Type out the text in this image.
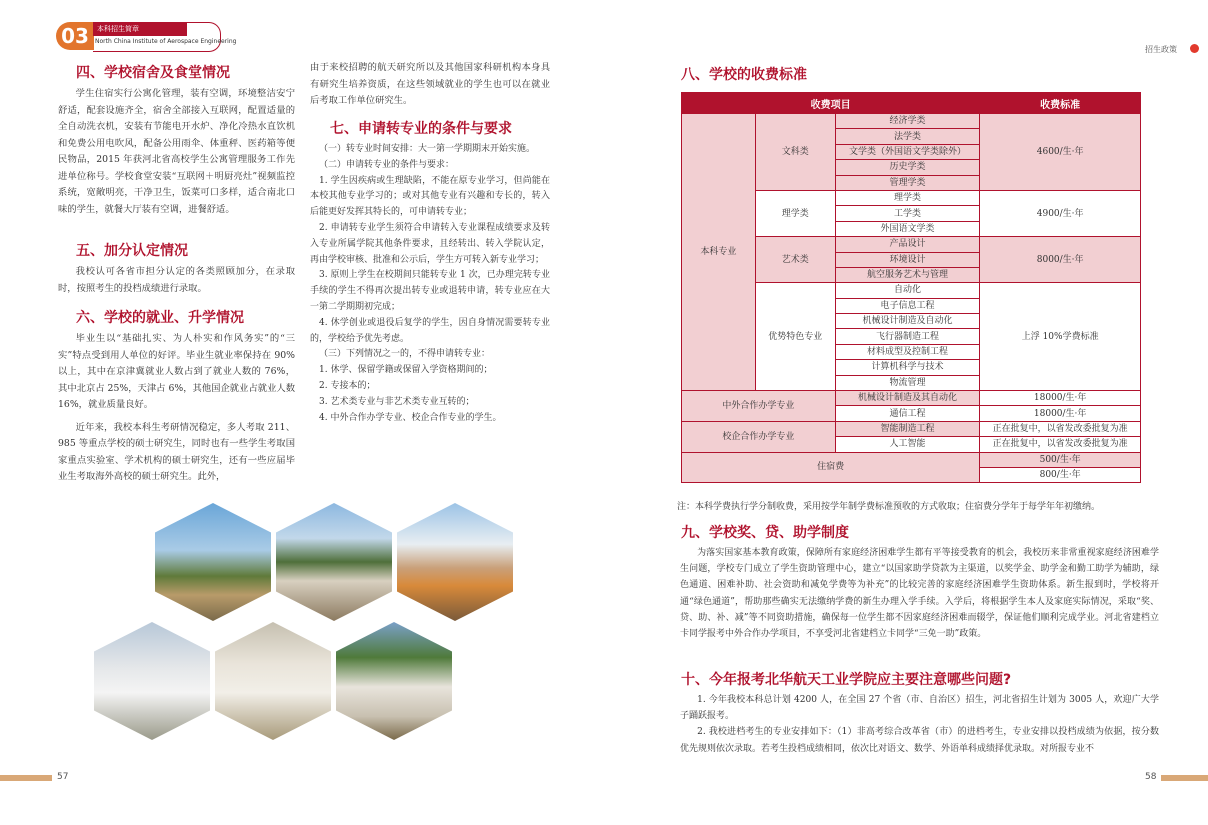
03	本科招生简章
North China Institute of Aerospace Engineering
四、学校宿舍及食堂情况

学生住宿实行公寓化管理，装有空调，环境整洁安宁舒适，配套设施齐全，宿舍全部接入互联网，配置适量的全自动洗衣机，安装有节能电开水炉、净化冷热水直饮机和免费公用电吹风，配备公用雨伞、体重秤、医药箱等便民物品，2015 年获河北省高校学生公寓管理服务工作先进单位称号。学校食堂安装“互联网＋明厨亮灶”视频监控系统，宽敞明亮，干净卫生，饭菜可口多样，适合南北口味的学生，就餐大厅装有空调，进餐舒适。

五、加分认定情况

我校认可各省市担分认定的各类照顾加分，在录取时，按照考生的投档成绩进行录取。

六、学校的就业、升学情况

毕业生以“基础扎实、为人朴实和作风务实”的“三实”特点受到用人单位的好评。毕业生就业率保持在 90% 以上，其中在京津冀就业人数占到了就业人数的 76%，其中北京占 25%，天津占 6%，其他国企就业占就业人数 16%，就业质量良好。

近年来，我校本科生考研情况稳定，多人考取 211、985 等重点学校的硕士研究生，同时也有一些学生考取国家重点实验室、学术机构的硕士研究生，还有一些应届毕业生考取海外高校的硕士研究生。此外，

由于来校招聘的航天研究所以及其他国家科研机构本身具有研究生培养资质，在这些领域就业的学生也可以在就业后考取工作单位研究生。

七、申请转专业的条件与要求

（一）转专业时间安排：大一第一学期期末开始实施。

（二）申请转专业的条件与要求：

1. 学生因疾病或生理缺陷，不能在原专业学习，但尚能在本校其他专业学习的；或对其他专业有兴趣和专长的，转入后能更好发挥其特长的，可申请转专业；

2. 申请转专业学生须符合申请转入专业课程成绩要求及转入专业所属学院其他条件要求，且经转出、转入学院认定，再由学校审核、批准和公示后，学生方可转入新专业学习；

3. 原则上学生在校期间只能转专业 1 次，已办理完转专业手续的学生不得再次提出转专业或退转申请，转专业应在大一第二学期期初完成；

4. 休学创业或退役后复学的学生，因自身情况需要转专业的，学校给予优先考虑。

（三）下列情况之一的，不得申请转专业：

1. 休学、保留学籍或保留入学资格期间的；

2. 专接本的；

3. 艺术类专业与非艺术类专业互转的；

4. 中外合作办学专业、校企合作专业的学生。

57
招生政策
八、学校的收费标准
收费项目			收费标准
本科专业	文科类	经济学类	4600/生·年
		法学类	
		文学类（外国语文学类除外）	
		历史学类	
		管理学类	
	理学类	理学类	4900/生·年
		工学类	
		外国语文学类	
	艺术类	产品设计	8000/生·年
		环境设计	
		航空服务艺术与管理	
	优势特色专业	自动化	上浮 10%学费标准
		电子信息工程	
		机械设计制造及自动化	
		飞行器制造工程	
		材料成型及控制工程	
		计算机科学与技术	
		物流管理	
中外合作办学专业		机械设计制造及其自动化	18000/生·年
		通信工程	18000/生·年
校企合作办学专业		智能制造工程	正在批复中，以省发改委批复为准
		人工智能	正在批复中，以省发改委批复为准
住宿费			500/生·年
			800/生·年
注：本科学费执行学分制收费，采用按学年制学费标准预收的方式收取；住宿费分学年于每学年年初缴纳。
九、学校奖、贷、助学制度

为落实国家基本教育政策，保障所有家庭经济困难学生都有平等接受教育的机会，我校历来非常重视家庭经济困难学生问题，学校专门成立了学生资助管理中心，建立“以国家助学贷款为主渠道，以奖学金、助学金和勤工助学为辅助，绿色通道、困难补助、社会资助和减免学费等为补充”的比较完善的家庭经济困难学生资助体系。新生报到时，学校将开通“绿色通道”，帮助那些确实无法缴纳学费的新生办理入学手续。入学后，将根据学生本人及家庭实际情况，采取“奖、贷、助、补、减”等不同资助措施，确保每一位学生都不因家庭经济困难而辍学，保证他们顺利完成学业。河北省建档立卡同学报考中外合作办学项目，不享受河北省建档立卡同学“三免一助”政策。

十、今年报考北华航天工业学院应主要注意哪些问题?

1. 今年我校本科总计划 4200 人，在全国 27 个省（市、自治区）招生，河北省招生计划为 3005 人，欢迎广大学子踊跃报考。

2. 我校进档考生的专业安排如下：（1）非高考综合改革省（市）的进档考生，专业安排以投档成绩为依据，按分数优先规则依次录取。若考生投档成绩相同，依次比对语文、数学、外语单科成绩择优录取。对所报专业不

58
